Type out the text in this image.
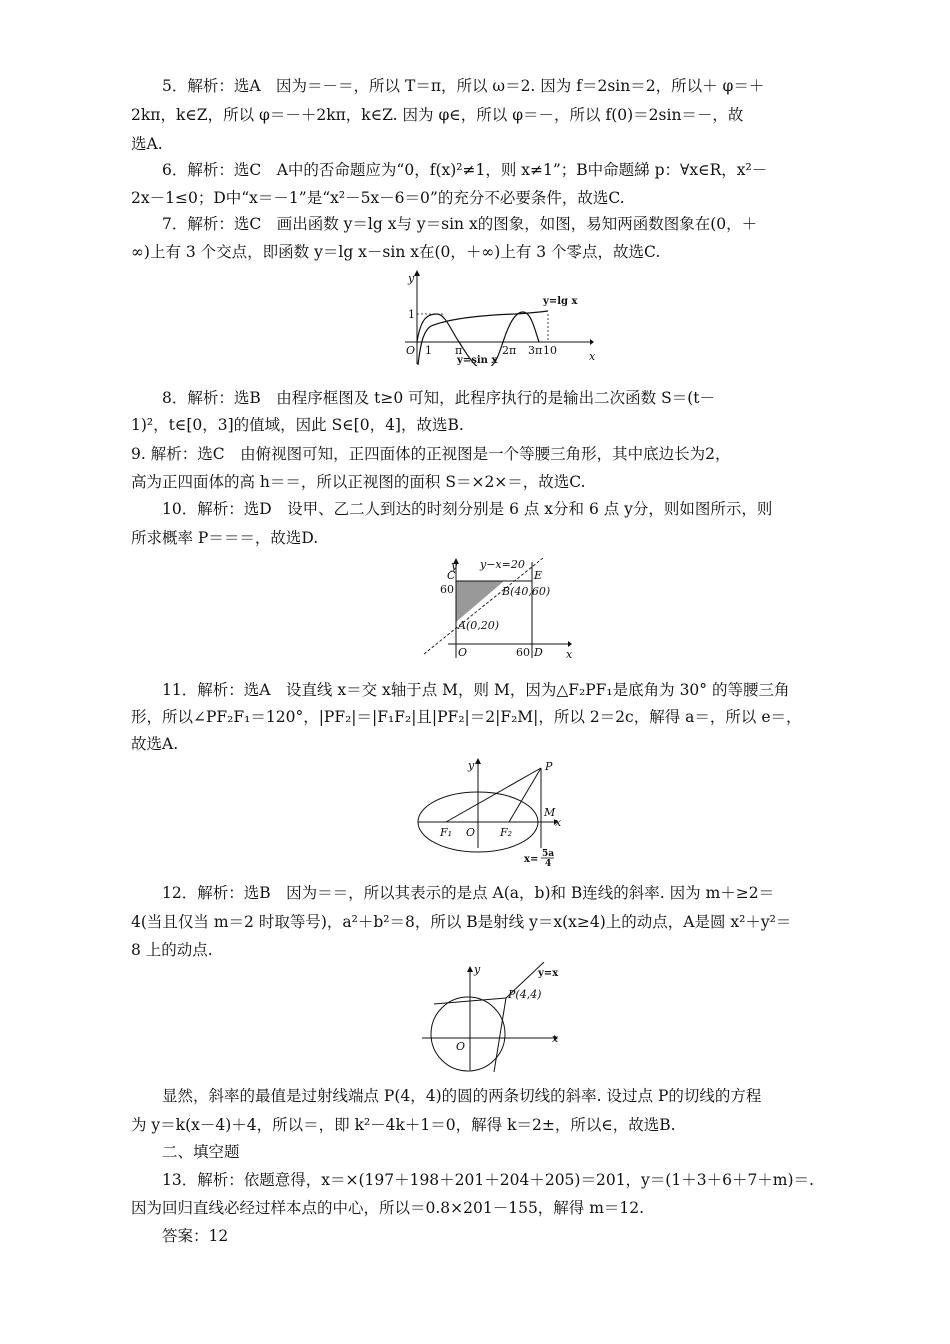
5．解析：选A　因为＝－＝，所以 T＝π，所以 ω＝2. 因为 f＝2sin＝2，所以＋ φ＝＋
2kπ，k∈Z，所以 φ＝－＋2kπ，k∈Z. 因为 φ∈，所以 φ＝－，所以 f(0)＝2sin＝－，故
选A.
6．解析：选C　A中的否命题应为“0，f(x)²≠1，则 x≠1”；B中命题綈 p：∀x∈R，x²－
2x－1≤0；D中“x＝－1”是“x²－5x－6＝0”的充分不必要条件，故选C.
7．解析：选C　画出函数 y＝lg x与 y＝sin x的图象，如图，易知两函数图象在(0，＋
∞)上有 3 个交点，即函数 y＝lg x－sin x在(0，＋∞)上有 3 个零点，故选C.
x
y
O 1
1
π	2π 3π 10
y=lg x
y=sin x
8．解析：选B　由程序框图及 t≥0 可知，此程序执行的是输出二次函数 S＝(t－
1)²，t∈[0，3]的值域，因此 S∈[0，4]，故选B.
9. 解析：选C　由俯视图可知，正四面体的正视图是一个等腰三角形，其中底边长为2，
高为正四面体的高 h＝＝，所以正视图的面积 S＝×2×＝，故选C.
10．解析：选D　设甲、乙二人到达的时刻分别是 6 点 x分和 6 点 y分，则如图所示，则
所求概率 P＝＝＝，故选D.
y
x
O
C	E
D
60
60
B(40,60)
A(0,20)
y−x=20
11．解析：选A　设直线 x＝交 x轴于点 M，则 M，因为△F₂PF₁是底角为 30° 的等腰三角
形，所以∠PF₂F₁＝120°，|PF₂|＝|F₁F₂|且|PF₂|＝2|F₂M|，所以 2＝2c，解得 a＝，所以 e＝，
故选A.
y
x
O
P
M
F₁	F₂
x= 5a
4
12．解析：选B　因为＝＝，所以其表示的是点 A(a，b)和 B连线的斜率. 因为 m＋≥2＝
4(当且仅当 m＝2 时取等号)，a²＋b²＝8，所以 B是射线 y＝x(x≥4)上的动点，A是圆 x²＋y²＝
8 上的动点.
y
x
O
P(4,4)
y=x
显然，斜率的最值是过射线端点 P(4，4)的圆的两条切线的斜率. 设过点 P的切线的方程
为 y＝k(x－4)＋4，所以＝，即 k²－4k＋1＝0，解得 k＝2±，所以∈，故选B.
二、填空题
13．解析：依题意得，x＝×(197＋198＋201＋204＋205)＝201，y＝(1＋3＋6＋7＋m)＝.
因为回归直线必经过样本点的中心，所以＝0.8×201－155，解得 m＝12.
答案：12
